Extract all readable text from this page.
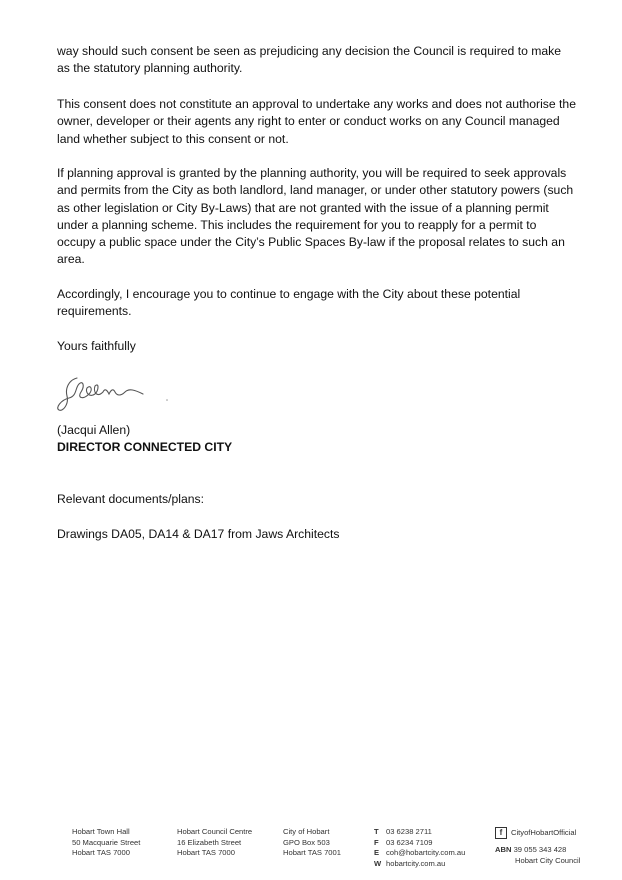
way should such consent be seen as prejudicing any decision the Council is required to make as the statutory planning authority.

This consent does not constitute an approval to undertake any works and does not authorise the owner, developer or their agents any right to enter or conduct works on any Council managed land whether subject to this consent or not.

If planning approval is granted by the planning authority, you will be required to seek approvals and permits from the City as both landlord, land manager, or under other statutory powers (such as other legislation or City By-Laws) that are not granted with the issue of a planning permit under a planning scheme. This includes the requirement for you to reapply for a permit to occupy a public space under the City’s Public Spaces By-law if the proposal relates to such an area.

Accordingly, I encourage you to continue to engage with the City about these potential requirements.

Yours faithfully

(Jacqui Allen)

DIRECTOR CONNECTED CITY

Relevant documents/plans:

Drawings DA05, DA14 & DA17 from Jaws Architects

Hobart Town Hall
50 Macquarie Street
Hobart TAS 7000
Hobart Council Centre
16 Elizabeth Street
Hobart TAS 7000
City of Hobart
GPO Box 503
Hobart TAS 7001
T 03 6238 2711
F 03 6234 7109
E coh@hobartcity.com.au
W hobartcity.com.au
f CityofHobartOfficial
ABN 39 055 343 428
Hobart City Council
